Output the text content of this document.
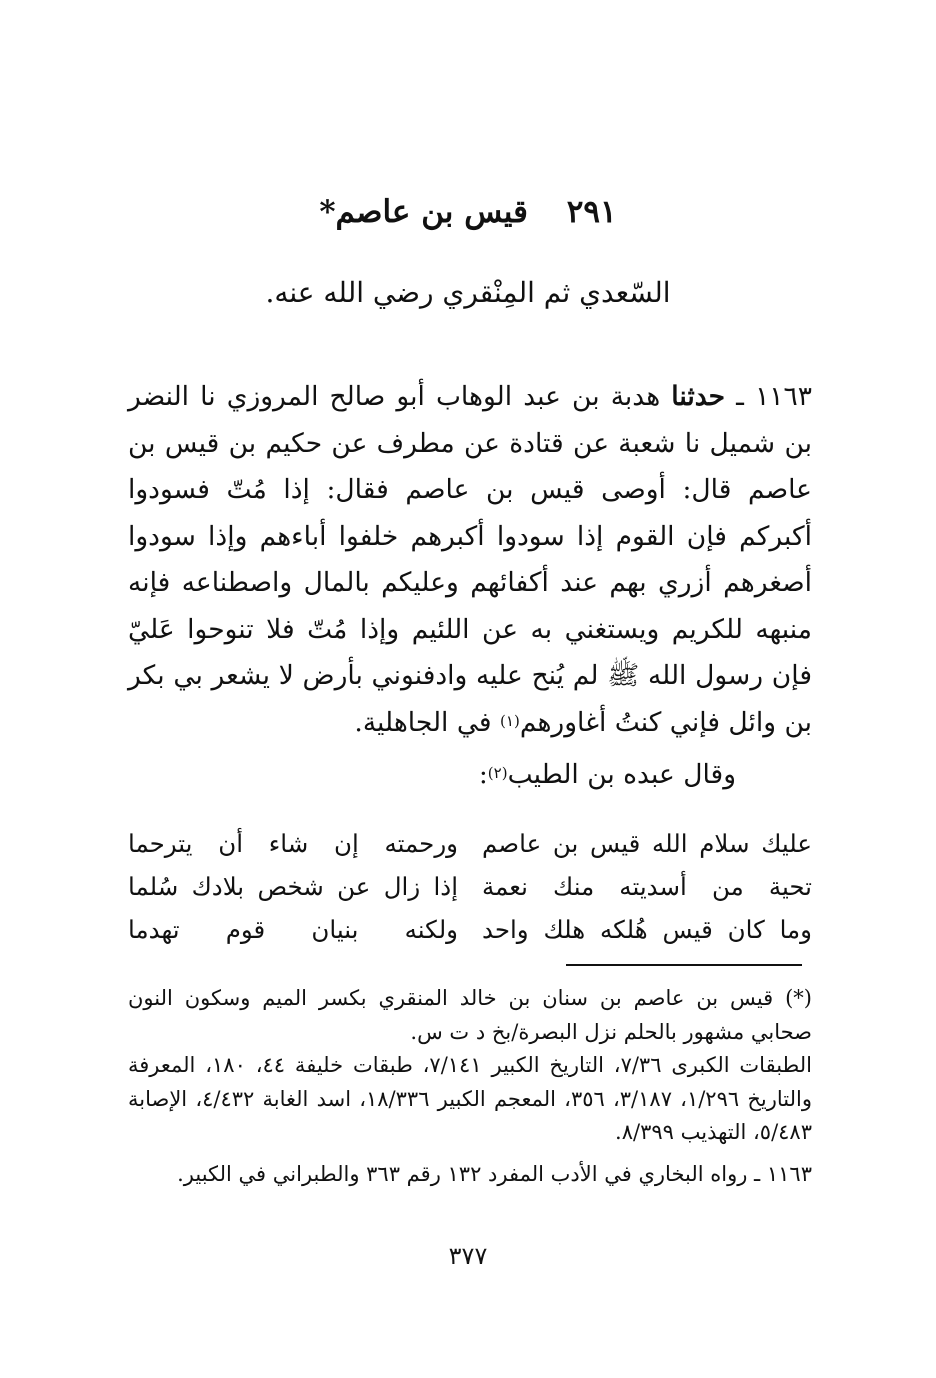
٢٩١ قيس بن عاصم*
السّعدي ثم المِنْقري رضي الله عنه.
١١٦٣ ـ حدثنا هدبة بن عبد الوهاب أبو صالح المروزي نا النضر بن شميل نا شعبة عن قتادة عن مطرف عن حكيم بن قيس بن عاصم قال: أوصى قيس بن عاصم فقال: إذا مُتّ فسودوا أكبركم فإن القوم إذا سودوا أكبرهم خلفوا أباءهم وإذا سودوا أصغرهم أزري بهم عند أكفائهم وعليكم بالمال واصطناعه فإنه منبهه للكريم ويستغني به عن اللئيم وإذا مُتّ فلا تنوحوا عَليّ فإن رسول الله ﷺ لم يُنح عليه وادفنوني بأرض لا يشعر بي بكر بن وائل فإني كنتُ أغاورهم$^{(١)}$ في الجاهلية.
وقال عبده بن الطيب$^{(٢)}$:
عليك سلام الله قيس بن عاصم
ورحمته إن شاء أن يترحما
تحية من أسديته منك نعمة
إذا زال عن شخص بلادك سُلما
وما كان قيس هُلكه هلك واحد
ولكنه بنيان قوم تهدما

(*) قيس بن عاصم بن سنان بن خالد المنقري بكسر الميم وسكون النون صحابي مشهور بالحلم نزل البصرة/بخ د ت س.

الطبقات الكبرى ٧/٣٦، التاريخ الكبير ٧/١٤١، طبقات خليفة ٤٤، ١٨٠، المعرفة والتاريخ ١/٢٩٦، ٣/١٨٧، ٣٥٦، المعجم الكبير ١٨/٣٣٦، اسد الغابة ٤/٤٣٢، الإصابة ٥/٤٨٣، التهذيب ٨/٣٩٩.

١١٦٣ ـ رواه البخاري في الأدب المفرد ١٣٢ رقم ٣٦٣ والطبراني في الكبير.

٣٧٧
